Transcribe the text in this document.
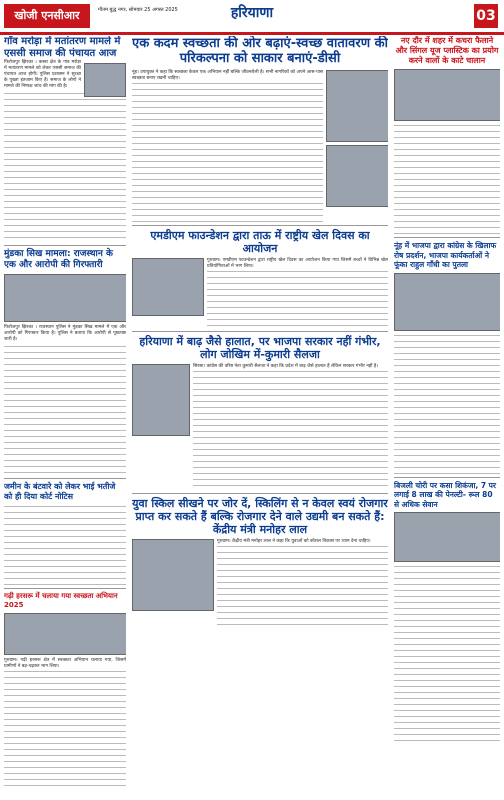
खोजी एनसीआर	गौतम बुद्ध नगर, सोमवार 25 अगस्त 2025	हरियाणा	03
गाँव मरोड़ा में मतांतरण मामले में एससी समाज की पंचायत आज
फिरोजपुर झिरका । कस्बा क्षेत्र के गांव मरोड़ा में मतांतरण मामले को लेकर एससी समाज की पंचायत आज होगी। पुलिस प्रशासन ने सुरक्षा के पुख्ता इंतजाम किए हैं। समाज के लोगों ने मामले की निष्पक्ष जांच की मांग की है।
मुंडका सिख मामला: राजस्थान के एक और आरोपी की गिरफ्तारी
फिरोजपुर झिरका । राजस्थान पुलिस ने मुंडका सिख मामले में एक और आरोपी को गिरफ्तार किया है। पुलिस ने बताया कि आरोपी से पूछताछ जारी है।
जमीन के बंटवारे को लेकर भाई भतीजे को ही दिया कोर्ट नोटिस
गढ़ी हरसरू में चलाया गया स्वच्छता अभियान 2025
गुरुग्राम। गढ़ी हरसरू क्षेत्र में स्वच्छता अभियान चलाया गया, जिसमें ग्रामीणों ने बढ़-चढ़कर भाग लिया।
एक कदम स्वच्छता की ओर बढ़ाएं-स्वच्छ वातावरण की परिकल्पना को साकार बनाएं-डीसी
नूंह। उपायुक्त ने कहा कि स्वच्छता केवल एक अभियान नहीं बल्कि जीवनशैली है। सभी नागरिकों को अपने आस-पास स्वच्छता बनाए रखनी चाहिए।
एमडीएम फाउन्डेशन द्वारा ताऊ में राष्ट्रीय खेल दिवस का आयोजन
गुरुग्राम। एमडीएम फाउन्डेशन द्वारा राष्ट्रीय खेल दिवस का आयोजन किया गया जिसमें बच्चों ने विभिन्न खेल प्रतियोगिताओं में भाग लिया।
हरियाणा में बाढ़ जैसे हालात, पर भाजपा सरकार नहीं गंभीर, लोग जोखिम में-कुमारी सैलजा
सिरसा। कांग्रेस की वरिष्ठ नेता कुमारी सैलजा ने कहा कि प्रदेश में बाढ़ जैसे हालात हैं लेकिन सरकार गंभीर नहीं है।
युवा स्किल सीखने पर जोर दें, स्किलिंग से न केवल स्वयं रोजगार प्राप्त कर सकते हैं बल्कि रोजगार देने वाले उद्यमी बन सकते हैं: केंद्रीय मंत्री मनोहर लाल
गुरुग्राम। केंद्रीय मंत्री मनोहर लाल ने कहा कि युवाओं को कौशल विकास पर ध्यान देना चाहिए।
नए दौर में शहर में कचरा फैलाने और सिंगल यूज प्लास्टिक का प्रयोग करने वालों के काटे चालान
नूंह में भाजपा द्वारा कांग्रेस के खिलाफ रोष प्रदर्शन, भाजपा कार्यकर्ताओं ने फूंका राहुल गाँधी का पुतला
बिजली चोरी पर कसा शिकंजा, 7 पर लगाई 8 लाख की पेनल्टी- रूल 80 से अधिक सेवान
